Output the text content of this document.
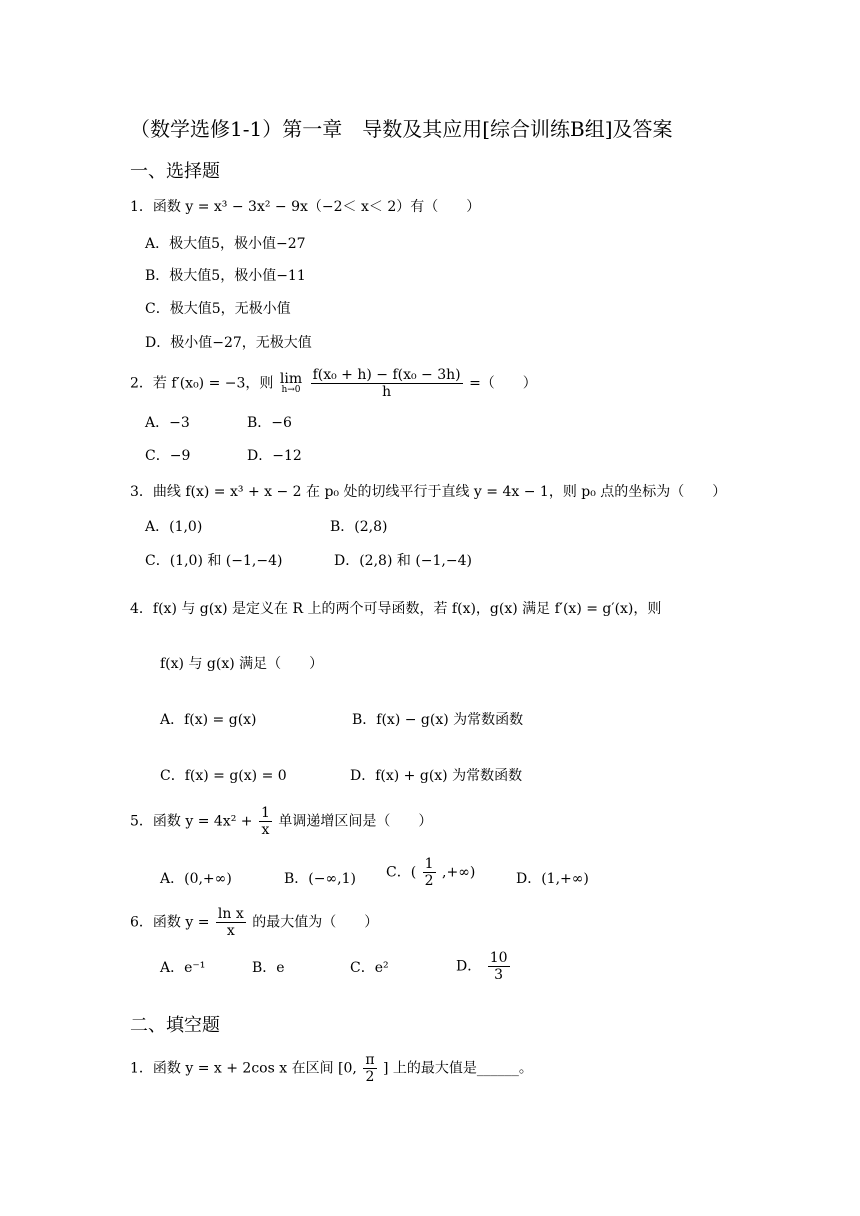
（数学选修1-1）第一章　导数及其应用[综合训练B组]及答案
一、选择题
1．函数 y = x³ − 3x² − 9x（−2＜ x＜ 2）有（　　）
A．极大值5，极小值−27
B．极大值5，极小值−11
C．极大值5，无极小值
D．极小值−27，无极大值
2．若 f′(x₀) = −3，则 lim
h→0
$\frac{\text{f(x₀ + h) − f(x₀ − 3h)}}{h}$ =（　　）
A．−3	B．−6
C．−9	D．−12
3．曲线 f(x) = x³ + x − 2 在 p₀ 处的切线平行于直线 y = 4x − 1，则 p₀ 点的坐标为（　　）
A．(1,0)	B．(2,8)
C．(1,0) 和 (−1,−4)	D．(2,8) 和 (−1,−4)
4．f(x) 与 g(x) 是定义在 R 上的两个可导函数，若 f(x)，g(x) 满足 f′(x) = g′(x)，则
f(x) 与 g(x) 满足（　　）
A．f(x) = g(x)	B．f(x) − g(x) 为常数函数
C．f(x) = g(x) = 0	D．f(x) + g(x) 为常数函数
5．函数 $y = 4x^2 + \frac{1}{x}$ 单调递增区间是（　　）
A．(0,+∞)	B．(−∞,1) C．( $\frac{1}{2}$ ,+∞)	D．(1,+∞)
6．函数 $y = \frac{\text{ln x}}{x}$ 的最大值为（　　）
A．e⁻¹	B．e	C．e²	D． $\frac{10}{3}$
二、填空题
1．函数 y = x + 2cos x 在区间 [0, $\frac{\pi}{2}$ ] 上的最大值是______。
